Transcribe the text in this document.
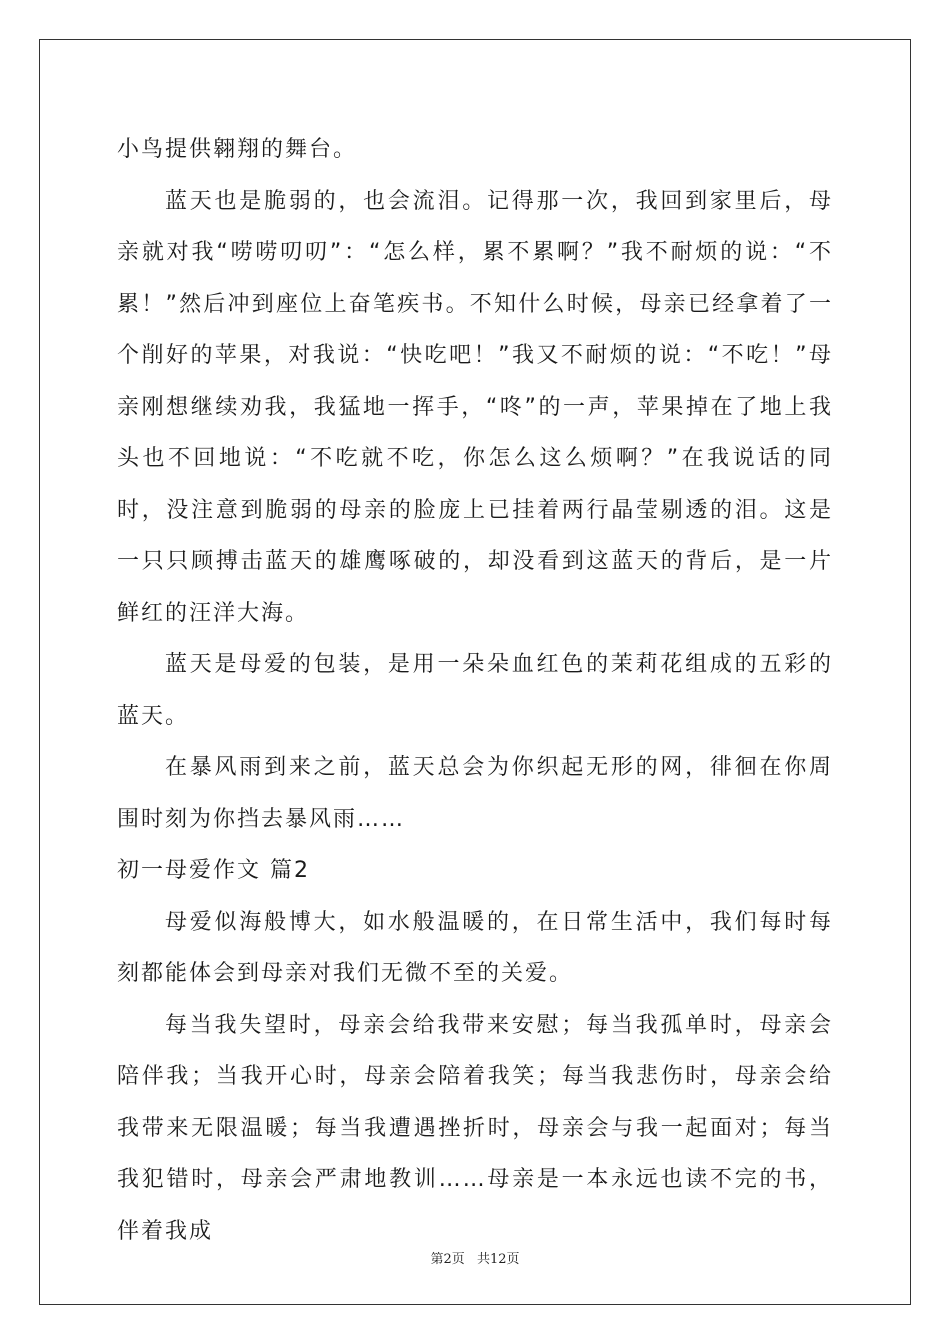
小鸟提供翱翔的舞台。

蓝天也是脆弱的，也会流泪。记得那一次，我回到家里后，母亲就对我“唠唠叨叨”：“怎么样，累不累啊？”我不耐烦的说：“不累！”然后冲到座位上奋笔疾书。不知什么时候，母亲已经拿着了一个削好的苹果，对我说：“快吃吧！”我又不耐烦的说：“不吃！”母亲刚想继续劝我，我猛地一挥手，“咚”的一声，苹果掉在了地上我头也不回地说：“不吃就不吃，你怎么这么烦啊？”在我说话的同时，没注意到脆弱的母亲的脸庞上已挂着两行晶莹剔透的泪。这是一只只顾搏击蓝天的雄鹰啄破的，却没看到这蓝天的背后，是一片鲜红的汪洋大海。

蓝天是母爱的包装，是用一朵朵血红色的茉莉花组成的五彩的蓝天。

在暴风雨到来之前，蓝天总会为你织起无形的网，徘徊在你周围时刻为你挡去暴风雨……

初一母爱作文 篇2

母爱似海般博大，如水般温暖的，在日常生活中，我们每时每刻都能体会到母亲对我们无微不至的关爱。

每当我失望时，母亲会给我带来安慰；每当我孤单时，母亲会陪伴我；当我开心时，母亲会陪着我笑；每当我悲伤时，母亲会给我带来无限温暖；每当我遭遇挫折时，母亲会与我一起面对；每当我犯错时，母亲会严肃地教训……母亲是一本永远也读不完的书，伴着我成

第2页 共12页
